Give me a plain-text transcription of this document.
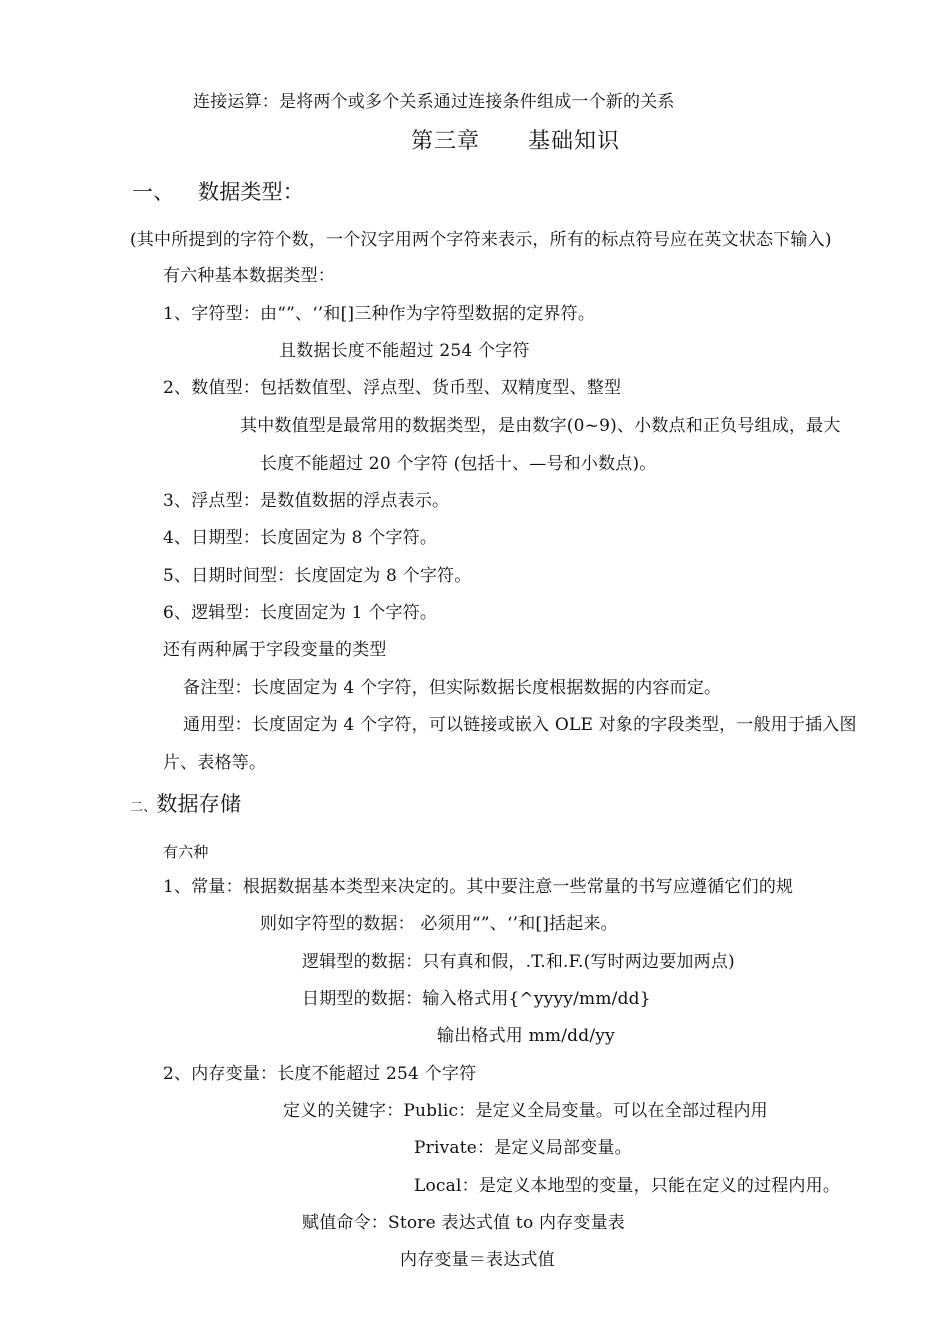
连接运算：是将两个或多个关系通过连接条件组成一个新的关系
第三章 基础知识
一、 数据类型：
(其中所提到的字符个数，一个汉字用两个字符来表示，所有的标点符号应在英文状态下输入)
有六种基本数据类型：
1、字符型：由“”、‘’和[]三种作为字符型数据的定界符。
且数据长度不能超过 254 个字符
2、数值型：包括数值型、浮点型、货币型、双精度型、整型
其中数值型是最常用的数据类型，是由数字(0~9)、小数点和正负号组成，最大
长度不能超过 20 个字符 (包括十、—号和小数点)。
3、浮点型：是数值数据的浮点表示。
4、日期型：长度固定为 8 个字符。
5、日期时间型：长度固定为 8 个字符。
6、逻辑型：长度固定为 1 个字符。
还有两种属于字段变量的类型
备注型：长度固定为 4 个字符，但实际数据长度根据数据的内容而定。
通用型：长度固定为 4 个字符，可以链接或嵌入 OLE 对象的字段类型，一般用于插入图
片、表格等。
二、数据存储
有六种
1、常量：根据数据基本类型来决定的。其中要注意一些常量的书写应遵循它们的规
则如字符型的数据： 必须用“”、‘’和[]括起来。
逻辑型的数据：只有真和假，.T.和.F.(写时两边要加两点)
日期型的数据：输入格式用{^yyyy/mm/dd}
输出格式用 mm/dd/yy
2、内存变量：长度不能超过 254 个字符
定义的关键字：Public：是定义全局变量。可以在全部过程内用
Private：是定义局部变量。
Local：是定义本地型的变量，只能在定义的过程内用。
赋值命令：Store 表达式值 to 内存变量表
内存变量＝表达式值
